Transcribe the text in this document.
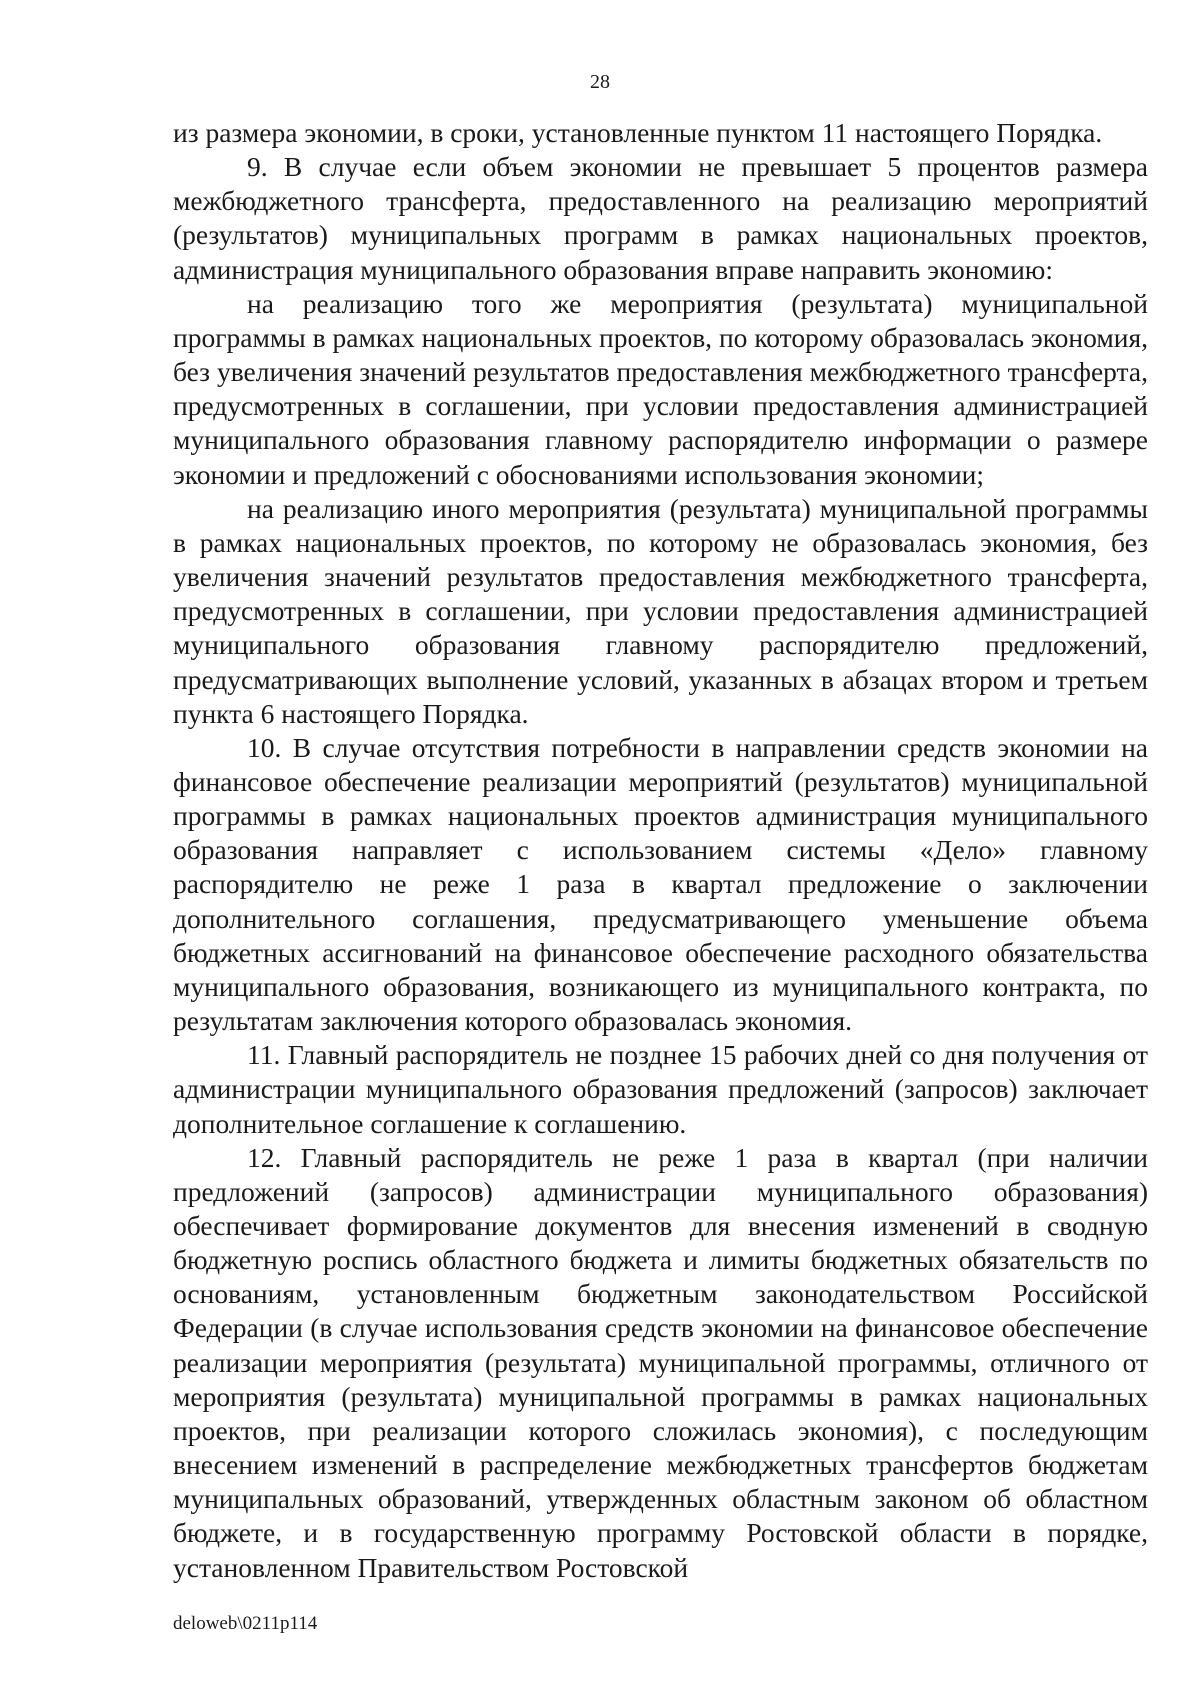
28

из размера экономии, в сроки, установленные пунктом 11 настоящего Порядка.

9. В случае если объем экономии не превышает 5 процентов размера межбюджетного трансферта, предоставленного на реализацию мероприятий (результатов) муниципальных программ в рамках национальных проектов, администрация муниципального образования вправе направить экономию:

на реализацию того же мероприятия (результата) муниципальной программы в рамках национальных проектов, по которому образовалась экономия, без увеличения значений результатов предоставления межбюджетного трансферта, предусмотренных в соглашении, при условии предоставления администрацией муниципального образования главному распорядителю информации о размере экономии и предложений с обоснованиями использования экономии;

на реализацию иного мероприятия (результата) муниципальной программы в рамках национальных проектов, по которому не образовалась экономия, без увеличения значений результатов предоставления межбюджетного трансферта, предусмотренных в соглашении, при условии предоставления администрацией муниципального образования главному распорядителю предложений, предусматривающих выполнение условий, указанных в абзацах втором и третьем пункта 6 настоящего Порядка.

10. В случае отсутствия потребности в направлении средств экономии на финансовое обеспечение реализации мероприятий (результатов) муниципальной программы в рамках национальных проектов администрация муниципального образования направляет с использованием системы «Дело» главному распорядителю не реже 1 раза в квартал предложение о заключении дополнительного соглашения, предусматривающего уменьшение объема бюджетных ассигнований на финансовое обеспечение расходного обязательства муниципального образования, возникающего из муниципального контракта, по результатам заключения которого образовалась экономия.

11. Главный распорядитель не позднее 15 рабочих дней со дня получения от администрации муниципального образования предложений (запросов) заключает дополнительное соглашение к соглашению.

12. Главный распорядитель не реже 1 раза в квартал (при наличии предложений (запросов) администрации муниципального образования) обеспечивает формирование документов для внесения изменений в сводную бюджетную роспись областного бюджета и лимиты бюджетных обязательств по основаниям, установленным бюджетным законодательством Российской Федерации (в случае использования средств экономии на финансовое обеспечение реализации мероприятия (результата) муниципальной программы, отличного от мероприятия (результата) муниципальной программы в рамках национальных проектов, при реализации которого сложилась экономия), с последующим внесением изменений в распределение межбюджетных трансфертов бюджетам муниципальных образований, утвержденных областным законом об областном бюджете, и в государственную программу Ростовской области в порядке, установленном Правительством Ростовской

deloweb\0211p114
